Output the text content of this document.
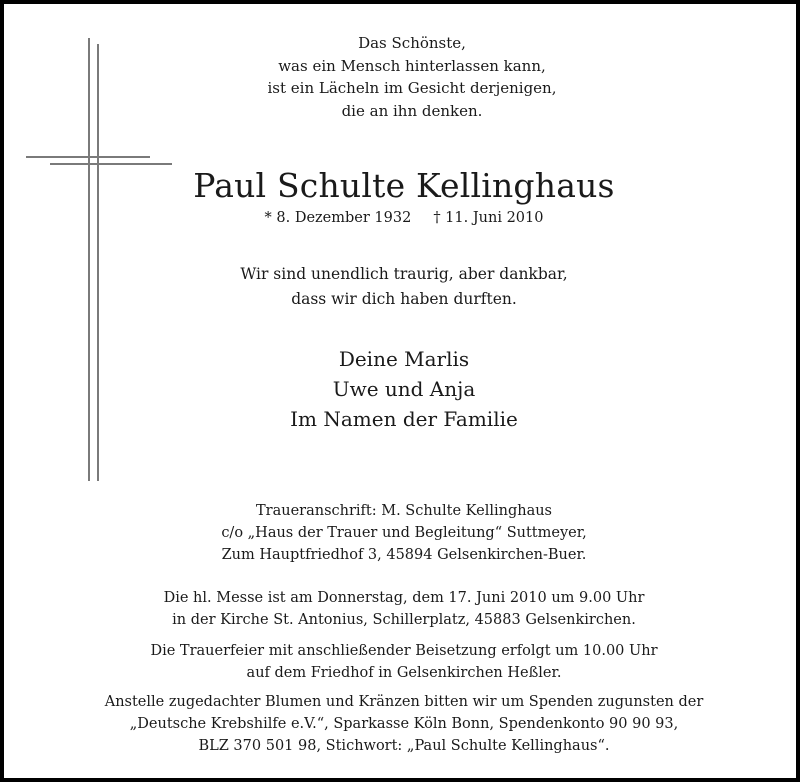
Das Schönste,
was ein Mensch hinterlassen kann,
ist ein Lächeln im Gesicht derjenigen,
die an ihn denken.
Paul Schulte Kellinghaus
* 8. Dezember 1932 † 11. Juni 2010
Wir sind unendlich traurig, aber dankbar,
dass wir dich haben durften.
Deine Marlis
Uwe und Anja
Im Namen der Familie
Traueranschrift: M. Schulte Kellinghaus
c/o „Haus der Trauer und Begleitung“ Suttmeyer,
Zum Hauptfriedhof 3, 45894 Gelsenkirchen-Buer.
Die hl. Messe ist am Donnerstag, dem 17. Juni 2010 um 9.00 Uhr
in der Kirche St. Antonius, Schillerplatz, 45883 Gelsenkirchen.
Die Trauerfeier mit anschließender Beisetzung erfolgt um 10.00 Uhr
auf dem Friedhof in Gelsenkirchen Heßler.
Anstelle zugedachter Blumen und Kränzen bitten wir um Spenden zugunsten der
„Deutsche Krebshilfe e.V.“, Sparkasse Köln Bonn, Spendenkonto 90 90 93,
BLZ 370 501 98, Stichwort: „Paul Schulte Kellinghaus“.
